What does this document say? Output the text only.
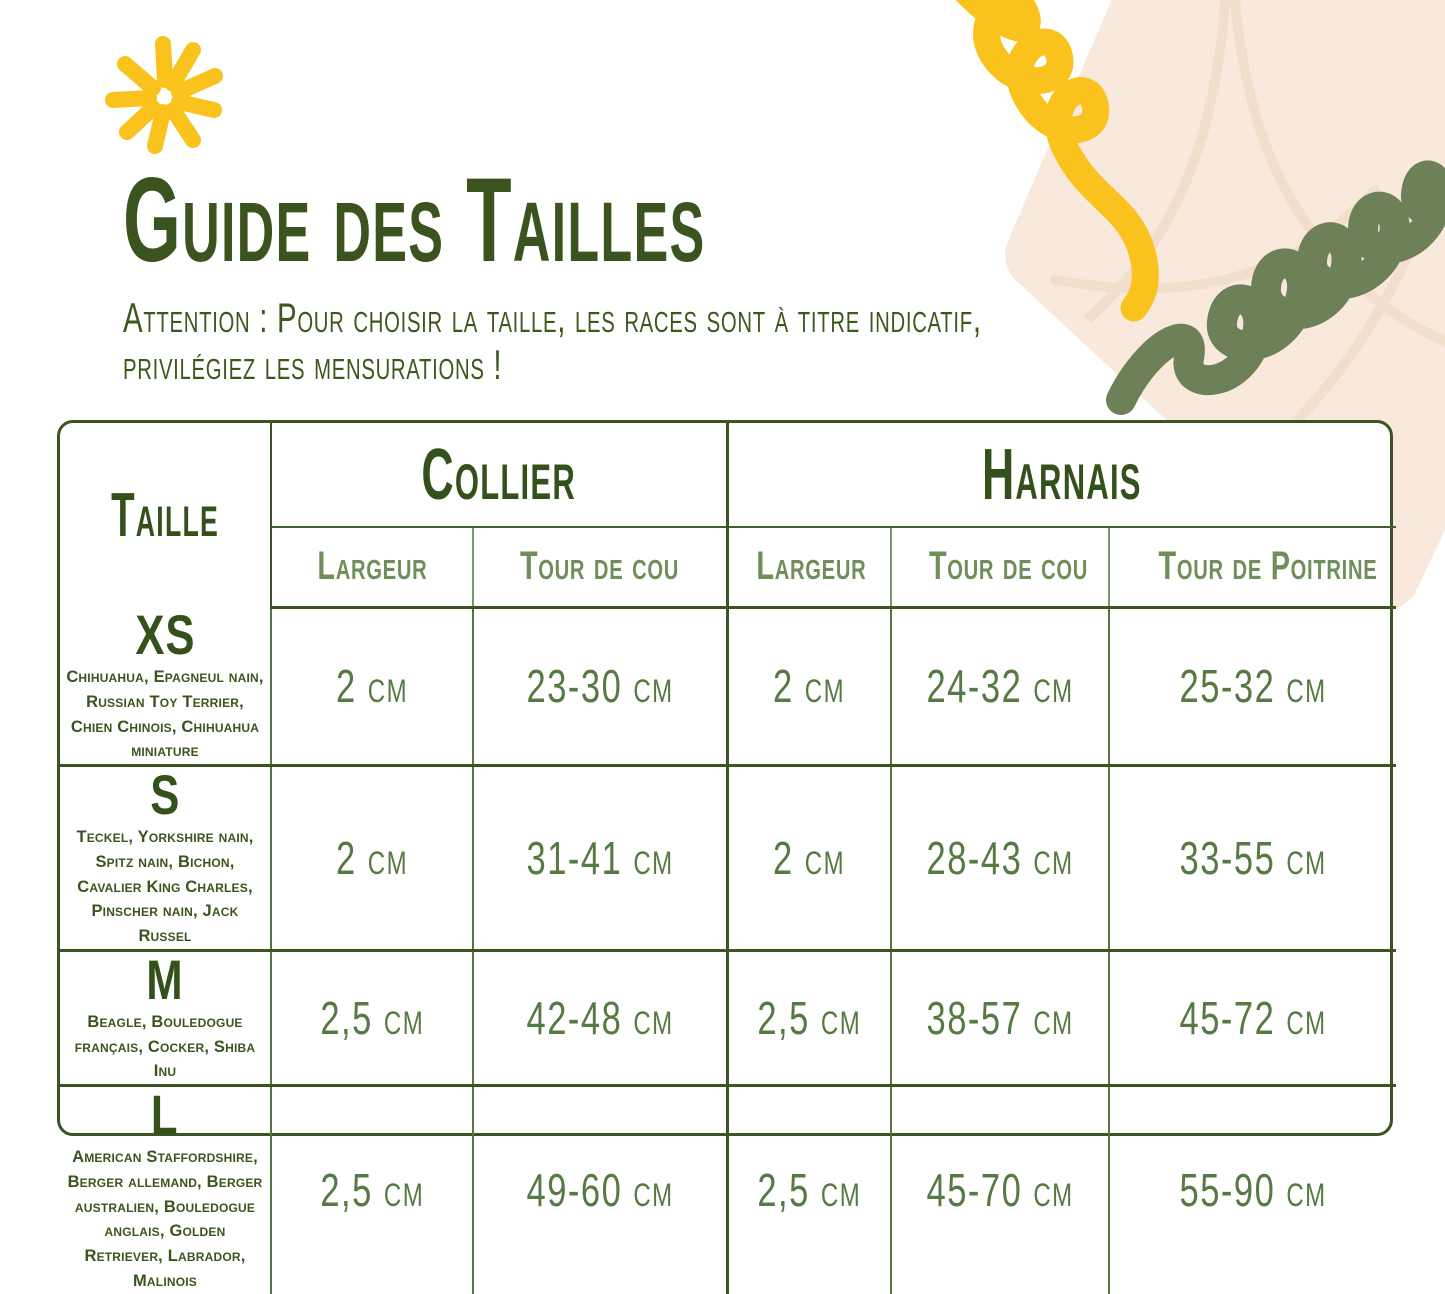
Guide des Tailles
Attention : Pour choisir la taille, les races sont à titre indicatif,
privilégiez les mensurations !
Taille	Collier		Harnais		
	Largeur	Tour de cou	Largeur	Tour de cou	Tour de Poitrine
XS
Chihuahua, Epagneul nain, Russian Toy Terrier, Chien Chinois, Chihuahua miniature	2 cm	23-30 cm	2 cm	24-32 cm	25-32 cm
S
Teckel, Yorkshire nain, Spitz nain, Bichon, Cavalier King Charles, Pinscher nain, Jack Russel	2 cm	31-41 cm	2 cm	28-43 cm	33-55 cm
M
Beagle, Bouledogue français, Cocker, Shiba Inu	2,5 cm	42-48 cm	2,5 cm	38-57 cm	45-72 cm
L
American Staffordshire, Berger allemand, Berger australien, Bouledogue anglais, Golden Retriever, Labrador, Malinois	2,5 cm	49-60 cm	2,5 cm	45-70 cm	55-90 cm
